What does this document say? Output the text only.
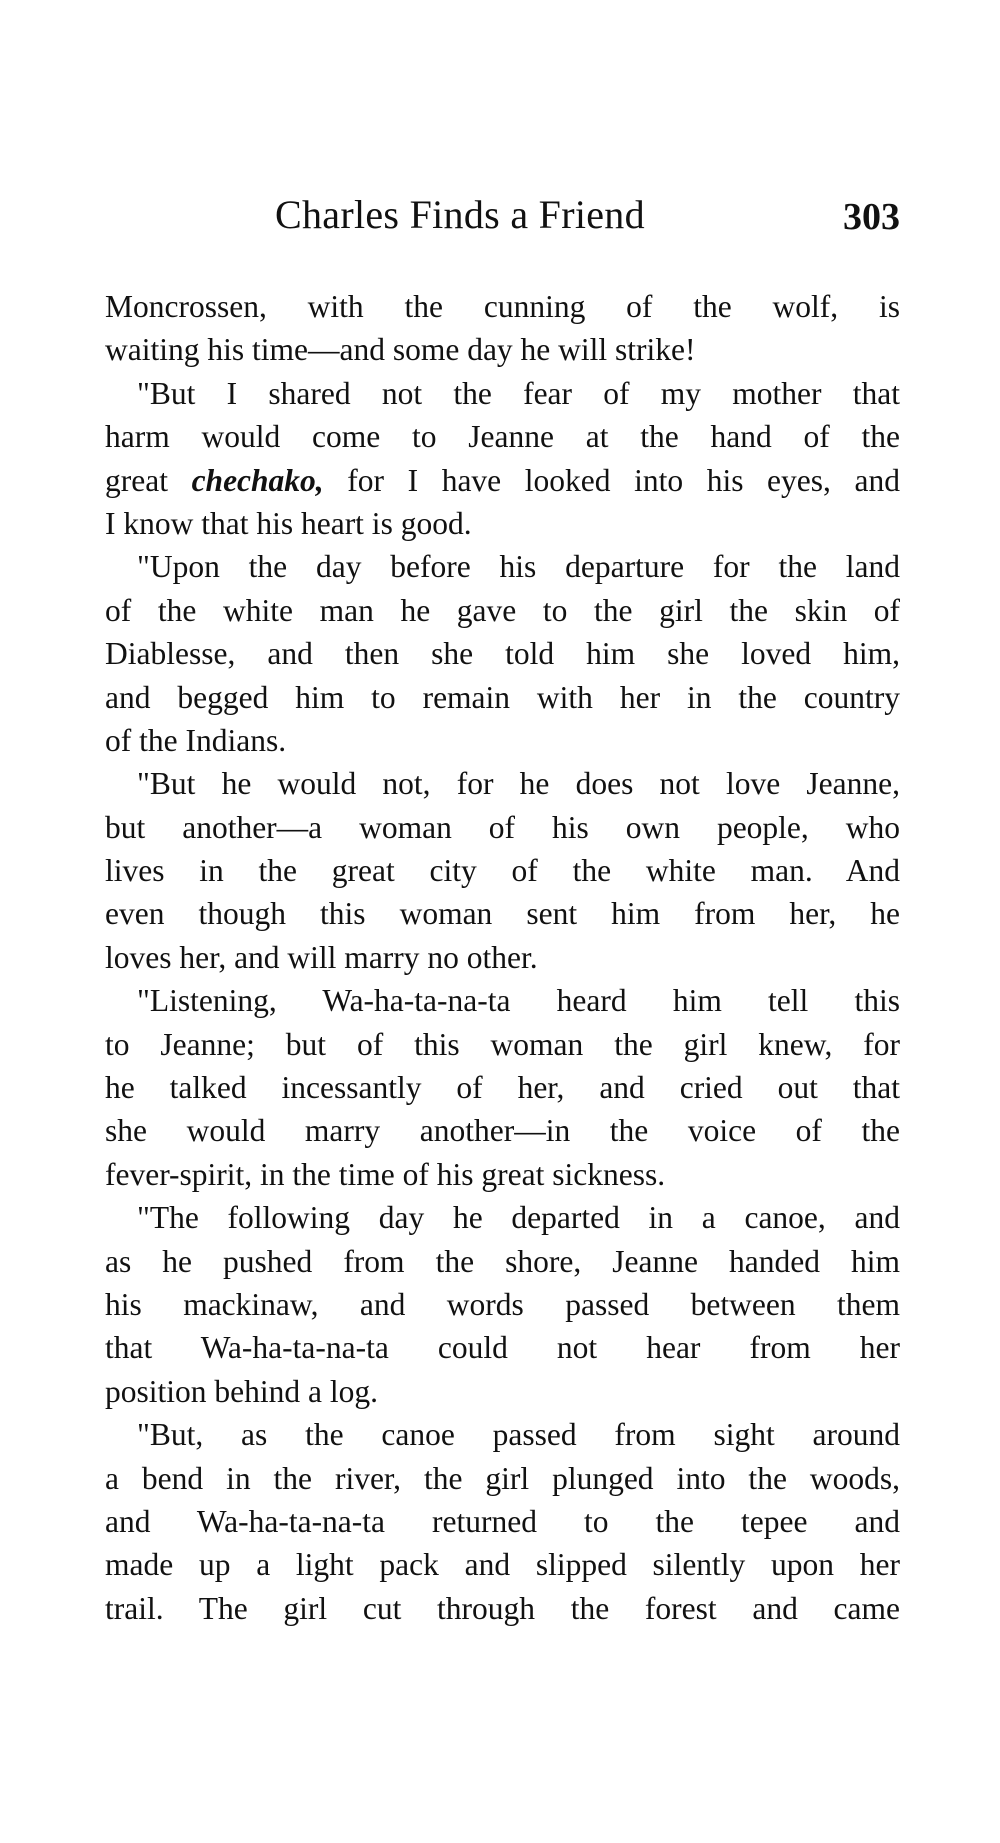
Charles Finds a Friend	303
Moncrossen, with the cunning of the wolf, is
waiting his time—and some day he will strike!
"But I shared not the fear of my mother that
harm would come to Jeanne at the hand of the
great chechako, for I have looked into his eyes, and
I know that his heart is good.
"Upon the day before his departure for the land
of the white man he gave to the girl the skin of
Diablesse, and then she told him she loved him,
and begged him to remain with her in the country
of the Indians.
"But he would not, for he does not love Jeanne,
but another—a woman of his own people, who
lives in the great city of the white man. And
even though this woman sent him from her, he
loves her, and will marry no other.
"Listening, Wa-ha-ta-na-ta heard him tell this
to Jeanne; but of this woman the girl knew, for
he talked incessantly of her, and cried out that
she would marry another—in the voice of the
fever-spirit, in the time of his great sickness.
"The following day he departed in a canoe, and
as he pushed from the shore, Jeanne handed him
his mackinaw, and words passed between them
that Wa-ha-ta-na-ta could not hear from her
position behind a log.
"But, as the canoe passed from sight around
a bend in the river, the girl plunged into the woods,
and Wa-ha-ta-na-ta returned to the tepee and
made up a light pack and slipped silently upon her
trail. The girl cut through the forest and came
